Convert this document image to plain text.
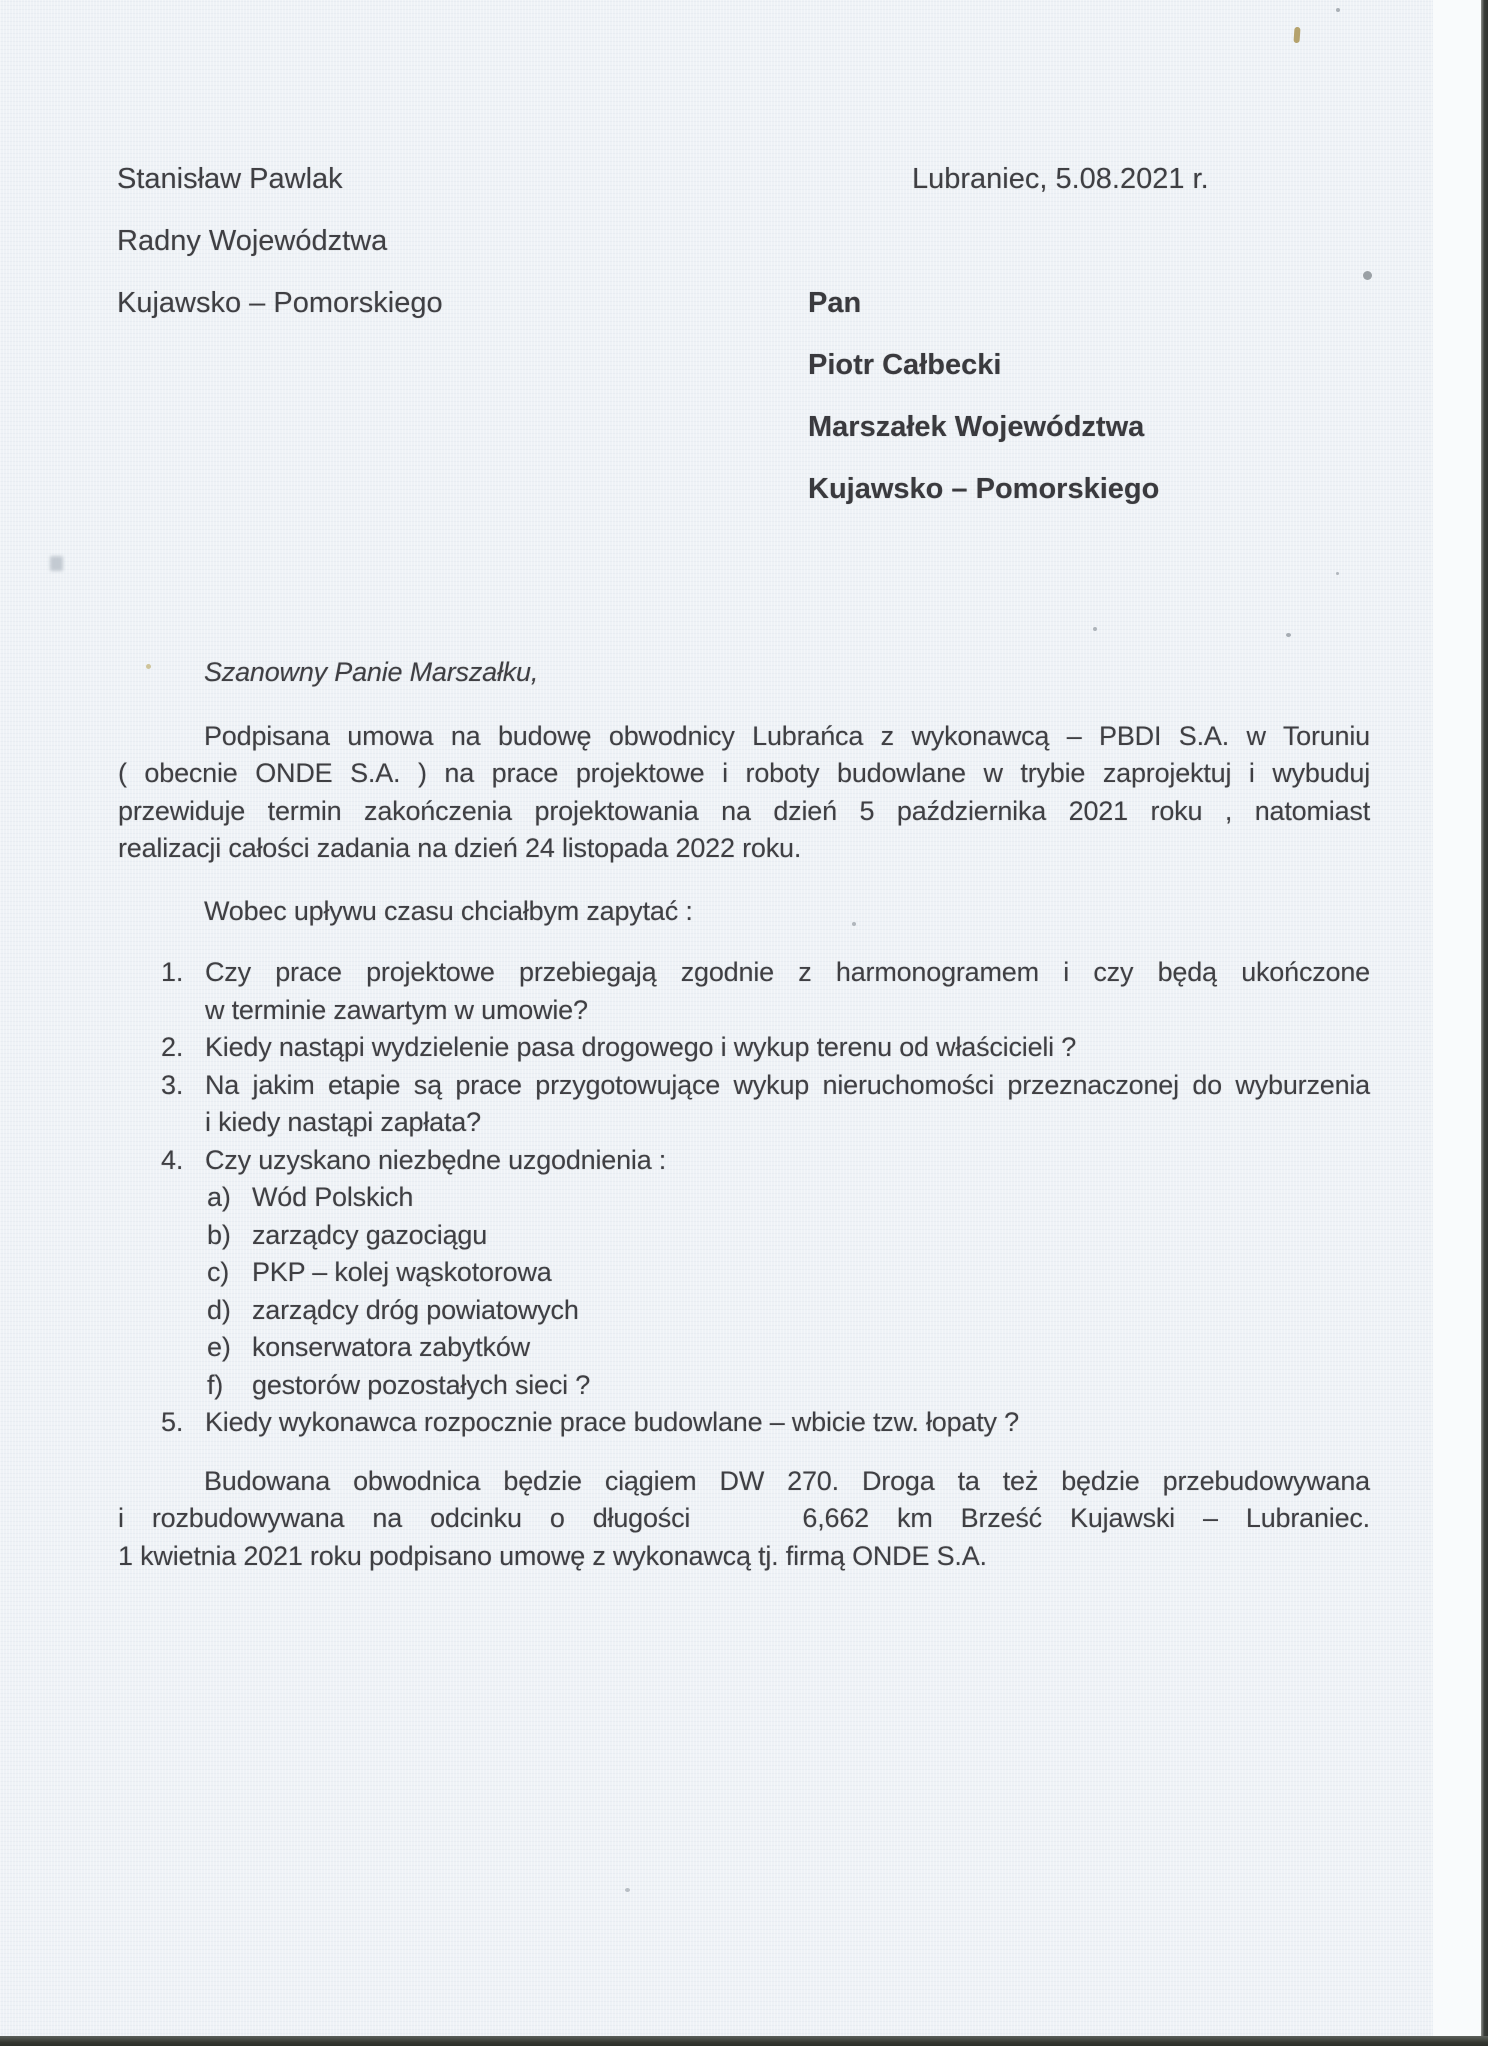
Stanisław Pawlak
Radny Województwa
Kujawsko – Pomorskiego
Lubraniec, 5.08.2021 r.
Pan
Piotr Całbecki
Marszałek Województwa
Kujawsko – Pomorskiego
Szanowny Panie Marszałku,
Podpisana umowa na budowę obwodnicy Lubrańca z wykonawcą – PBDI S.A. w Toruniu
( obecnie ONDE S.A. ) na prace projektowe i roboty budowlane w trybie zaprojektuj i wybuduj
przewiduje termin zakończenia projektowania na dzień 5 października 2021 roku , natomiast
realizacji całości zadania na dzień 24 listopada 2022 roku.
Wobec upływu czasu chciałbym zapytać :
1. Czy prace projektowe przebiegają zgodnie z harmonogramem i czy będą ukończone
w terminie zawartym w umowie?
2. Kiedy nastąpi wydzielenie pasa drogowego i wykup terenu od właścicieli ?
3. Na jakim etapie są prace przygotowujące wykup nieruchomości przeznaczonej do wyburzenia
i kiedy nastąpi zapłata?
4. Czy uzyskano niezbędne uzgodnienia :
a) Wód Polskich
b) zarządcy gazociągu
c) PKP – kolej wąskotorowa
d) zarządcy dróg powiatowych
e) konserwatora zabytków
f)	gestorów pozostałych sieci ?
5. Kiedy wykonawca rozpocznie prace budowlane – wbicie tzw. łopaty ?
Budowana obwodnica będzie ciągiem DW 270. Droga ta też będzie przebudowywana
i rozbudowywana na odcinku o długości    6,662 km Brześć Kujawski – Lubraniec.
1 kwietnia 2021 roku podpisano umowę z wykonawcą tj. firmą ONDE S.A.
